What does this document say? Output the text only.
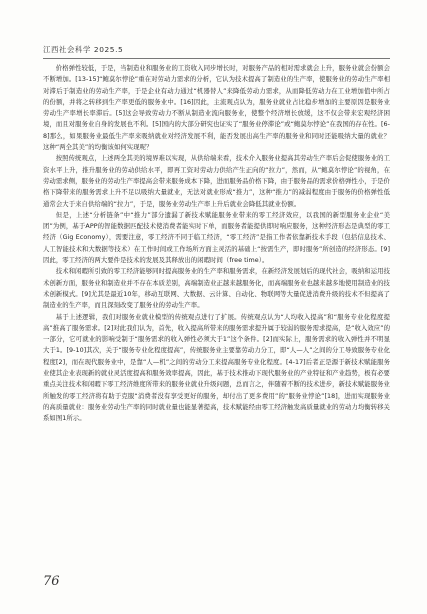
江西社会科学 2025.5

价格弹性较低，于是，当制造业和服务业的工资收入同步增长时，对服务产品的相对需求就会上升，服务业就会份额会不断增加。[13-15]“鲍莫尔悖论”重在对劳动力需求的分析，它认为技术提高了制造业的生产率，使服务业的劳动生产率相对滞后于制造业的劳动生产率，于是企业有动力通过“机器替人”来降低劳动力需求，从而降低劳动力在工业增加值中所占的份额，并将之转移到生产率更低的服务业中。[16]因此，主流观点认为，服务业就业占比稳步增加的主要原因是服务业劳动生产率增长率滞后。[5]这会导致劳动力不断从制造业流向服务业，使整个经济增长放缓，这不仅会带来宏观经济困境，而且对服务业自身的发展也不利。[5]国内的大部分研究也证实了“服务业停滞论”或“鲍莫尔悖论”在我国的存在性。[6-8]那么，如果服务业最低生产率来吸纳就业对经济发展不利，能否发展出高生产率的服务业和同时还能吸纳大量的就业？这种“两全其美”的均衡该如何实现呢？

按照传统观点，上述两全其美的境界难以实现，从供给端来看，技术介入服务业提高其劳动生产率后会促使服务业的工资水平上升，推升服务业的劳动供给水平，即再工资对劳动力供给产生正向的“拉力”，然而，从“鲍莫尔悖论”的视角，在劳动需求侧，服务业的劳动生产率提高会带来服务成本下降，进而服务品价格下降，由于服务品的需求价格弹性小，于是价格下降带来的服务需求上升不足以吸纳大量就业，无法对就业形成“推力”，这种“推力”的减弱程度由于服务的价格弹性低通常会大于来自供给端的“拉力”，于是，服务业劳动生产率上升后就业会降低其就业份额。

但是，上述“分析链条”中“推力”部分遗漏了新技术赋能服务业带来的零工经济效应，以我国的新型服务业企业“美团”为例，基于APP的智能数据匹配技术使消费者能实时下单，而服务者能提供即时响应服务，这种经济形态是典型的零工经济（Gig Economy），需要注意，零工经济不同于临工经济，“零工经济”是指工作者依靠新技术手段（包括信息技术、人工智能技术和大数据等技术）在工作时间或工作场所方面主灵活的基础上“按需生产，即时服务”所创造的经济形态。[9]因此，零工经济的两大要件是技术的发展及其释放出的闲暇时间（free time）。

技术和闲暇所引致的零工经济能够同时提高服务业的生产率和服务需求，在新经济发展划后的现代社会，吸纳和运用技术创新方面，服务业和制造业并不存在本质差别，高端制造业正越来越服务化，而高端服务业也越来越多地使用制造业的技术创新模式。[9]尤其是最近10年，移动互联网、大数据、云计算、自动化、物联网等大量促进消费升级的技术不但提高了制造业的生产率，而且深刻改变了服务业的劳动生产率。

基于上述逻辑，我们对服务业就业模型的传统观点进行了扩展。传统观点认为“人均收入提高”和“服务专业化程度提高”推高了服务需求。[2]对此我们认为，首先，收入提高所带来的服务需求提升属于较弱的服务需求提高，是“收入效应”的一部分，它可就业的影响受制于“服务需求的收入弹性必须大于1”这个条件。[2]而实际上，服务需求的收入弹性并不明显大于1。[9-10]其次，关于“服务专业化程度提高”，传统服务业主要靠劳动力分工，即“人—人”之间的分工导致服务专业化程度[2]，而在现代服务业中，是靠“人—机”之间的劳动分工来提高服务专业化程度。[4-17]后者正是源于新技术赋能服务业使其企业表现新的就业灵活度提高和服务效率提高，因此，基于技术推动下现代服务业的产业特征和产业趋势，极有必要重点关注技术和闲暇下零工经济维度所带来的服务业就业升级问题，总而言之，伴随着不断的技术进步，新技术赋能服务业所触发的零工经济将有助于克服“消费者没有享受更好的服务，却付出了更多费用”的“服务业悖论”[18]，进而实现服务业的高质量就业：服务业劳动生产率的同时就业量也能显著提高，技术赋能经由零工经济触发高质量就业的劳动力均衡转移关系如图1所示。

76
